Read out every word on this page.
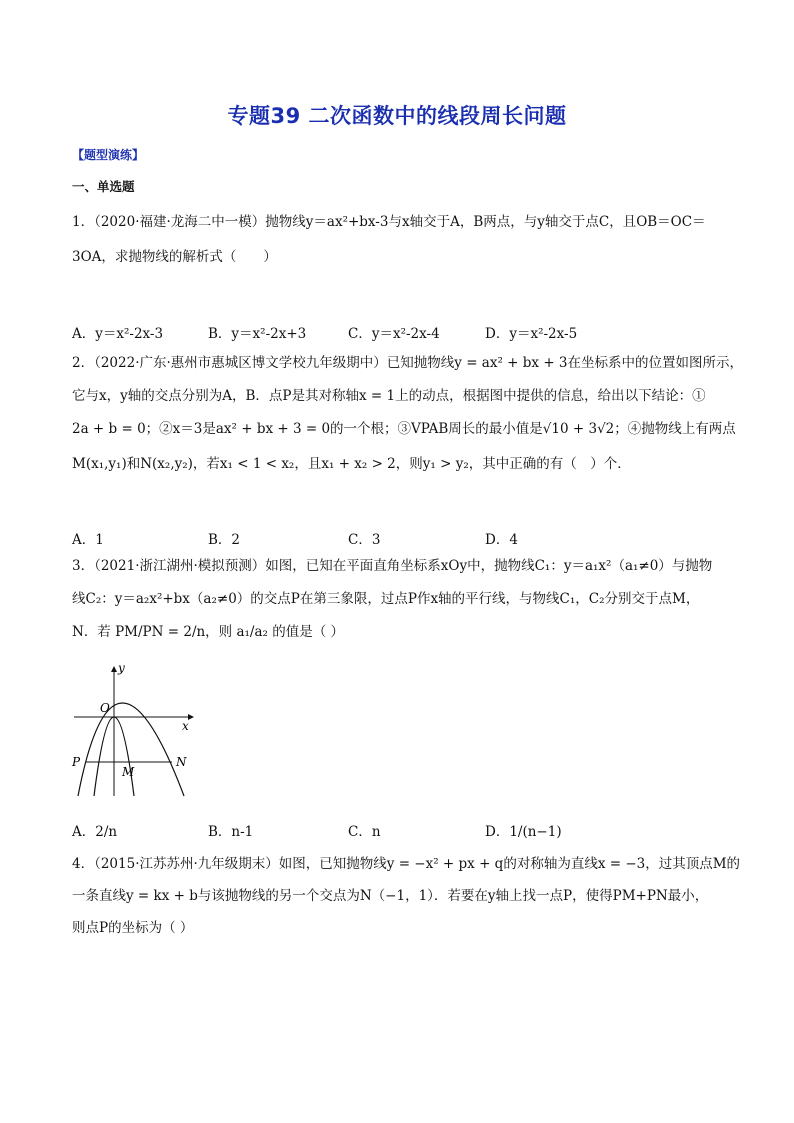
专题39 二次函数中的线段周长问题
【题型演练】
一、单选题
1．（2020·福建·龙海二中一模）抛物线y＝ax²+bx-3与x轴交于A，B两点，与y轴交于点C，且OB＝OC＝
3OA，求抛物线的解析式（　　）
A．y＝x²-2x-3	B．y＝x²-2x+3	C．y＝x²-2x-4	D．y＝x²-2x-5
2．（2022·广东·惠州市惠城区博文学校九年级期中）已知抛物线y = ax² + bx + 3在坐标系中的位置如图所示，
它与x，y轴的交点分别为A，B．点P是其对称轴x = 1上的动点，根据图中提供的信息，给出以下结论：①
2a + b = 0；②x＝3是ax² + bx + 3 = 0的一个根；③VPAB周长的最小值是√10 + 3√2；④抛物线上有两点
M(x₁,y₁)和N(x₂,y₂)，若x₁ < 1 < x₂，且x₁ + x₂ > 2，则y₁ > y₂，其中正确的有（　）个．
A．1	B．2	C．3	D．4
3．（2021·浙江湖州·模拟预测）如图，已知在平面直角坐标系xOy中，抛物线C₁：y＝a₁x²（a₁≠0）与抛物
线C₂：y＝a₂x²+bx（a₂≠0）的交点P在第三象限，过点P作x轴的平行线，与物线C₁，C₂分别交于点M，
N．若 PM/PN = 2/n，则 a₁/a₂ 的值是（ ）
y
x
O
P
M
N
A．2/n	B．n-1	C．n	D．1/(n−1)
4．（2015·江苏苏州·九年级期末）如图，已知抛物线y = −x² + px + q的对称轴为直线x = −3，过其顶点M的
一条直线y = kx + b与该抛物线的另一个交点为N（−1，1）．若要在y轴上找一点P，使得PM+PN最小，
则点P的坐标为（ ）
